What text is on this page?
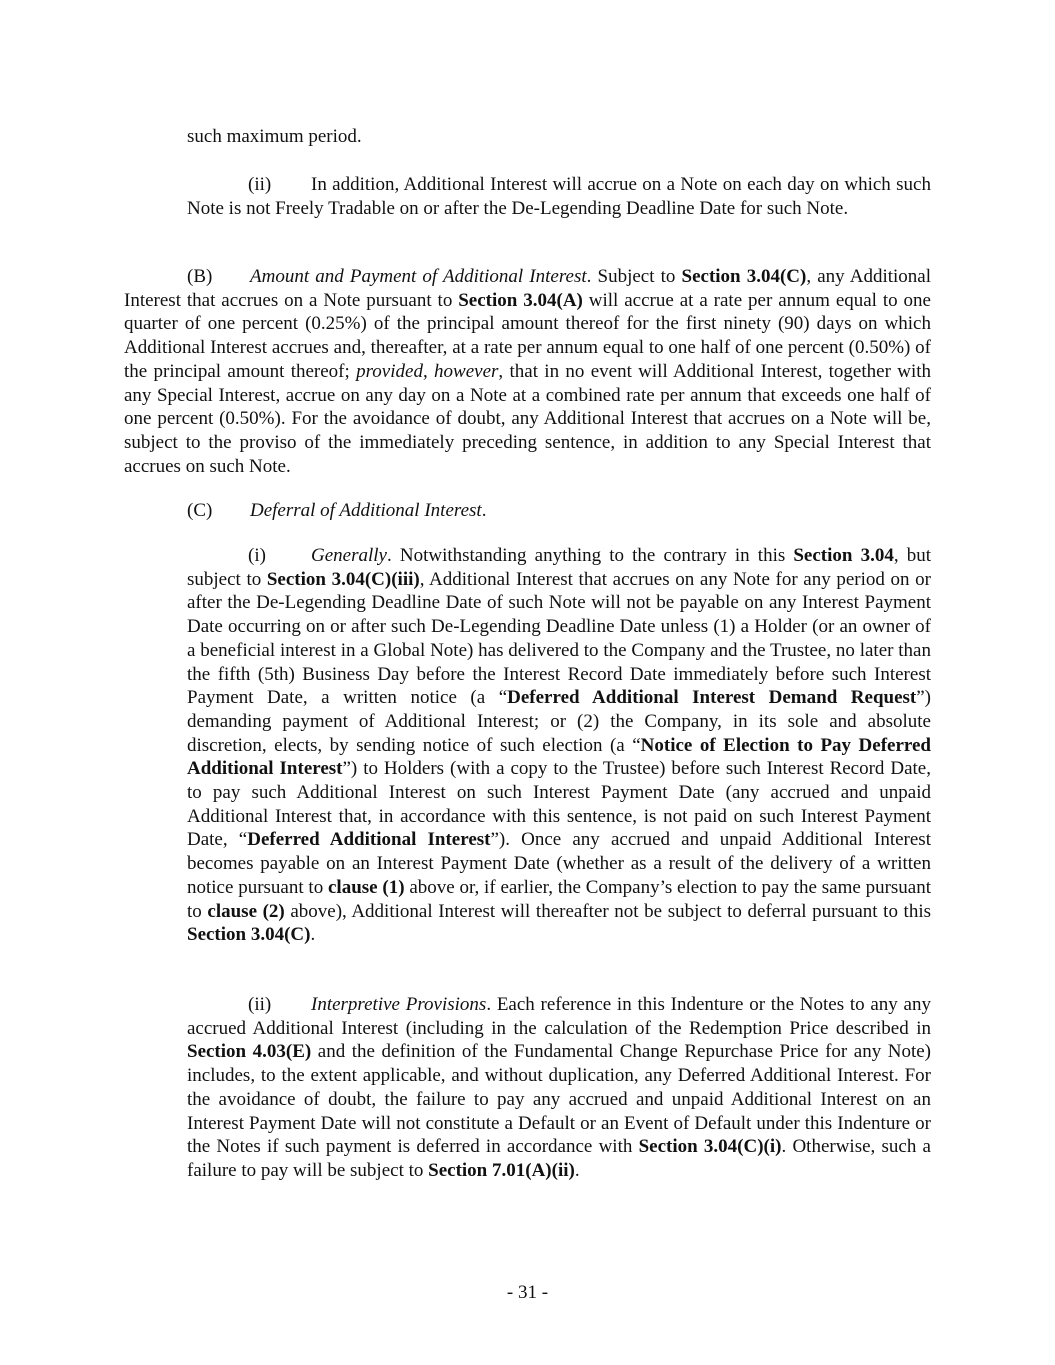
such maximum period.
(ii) In addition, Additional Interest will accrue on a Note on each day on which such Note is not Freely Tradable on or after the De-Legending Deadline Date for such Note.
(B) Amount and Payment of Additional Interest. Subject to Section 3.04(C), any Additional Interest that accrues on a Note pursuant to Section 3.04(A) will accrue at a rate per annum equal to one quarter of one percent (0.25%) of the principal amount thereof for the first ninety (90) days on which Additional Interest accrues and, thereafter, at a rate per annum equal to one half of one percent (0.50%) of the principal amount thereof; provided, however, that in no event will Additional Interest, together with any Special Interest, accrue on any day on a Note at a combined rate per annum that exceeds one half of one percent (0.50%). For the avoidance of doubt, any Additional Interest that accrues on a Note will be, subject to the proviso of the immediately preceding sentence, in addition to any Special Interest that accrues on such Note.
(C) Deferral of Additional Interest.
(i) Generally. Notwithstanding anything to the contrary in this Section 3.04, but subject to Section 3.04(C)(iii), Additional Interest that accrues on any Note for any period on or after the De-Legending Deadline Date of such Note will not be payable on any Interest Payment Date occurring on or after such De-Legending Deadline Date unless (1) a Holder (or an owner of a beneficial interest in a Global Note) has delivered to the Company and the Trustee, no later than the fifth (5th) Business Day before the Interest Record Date immediately before such Interest Payment Date, a written notice (a “Deferred Additional Interest Demand Request”) demanding payment of Additional Interest; or (2) the Company, in its sole and absolute discretion, elects, by sending notice of such election (a “Notice of Election to Pay Deferred Additional Interest”) to Holders (with a copy to the Trustee) before such Interest Record Date, to pay such Additional Interest on such Interest Payment Date (any accrued and unpaid Additional Interest that, in accordance with this sentence, is not paid on such Interest Payment Date, “Deferred Additional Interest”). Once any accrued and unpaid Additional Interest becomes payable on an Interest Payment Date (whether as a result of the delivery of a written notice pursuant to clause (1) above or, if earlier, the Company’s election to pay the same pursuant to clause (2) above), Additional Interest will thereafter not be subject to deferral pursuant to this Section 3.04(C).
(ii) Interpretive Provisions. Each reference in this Indenture or the Notes to any any accrued Additional Interest (including in the calculation of the Redemption Price described in Section 4.03(E) and the definition of the Fundamental Change Repurchase Price for any Note) includes, to the extent applicable, and without duplication, any Deferred Additional Interest. For the avoidance of doubt, the failure to pay any accrued and unpaid Additional Interest on an Interest Payment Date will not constitute a Default or an Event of Default under this Indenture or the Notes if such payment is deferred in accordance with Section 3.04(C)(i). Otherwise, such a failure to pay will be subject to Section 7.01(A)(ii).
- 31 -
